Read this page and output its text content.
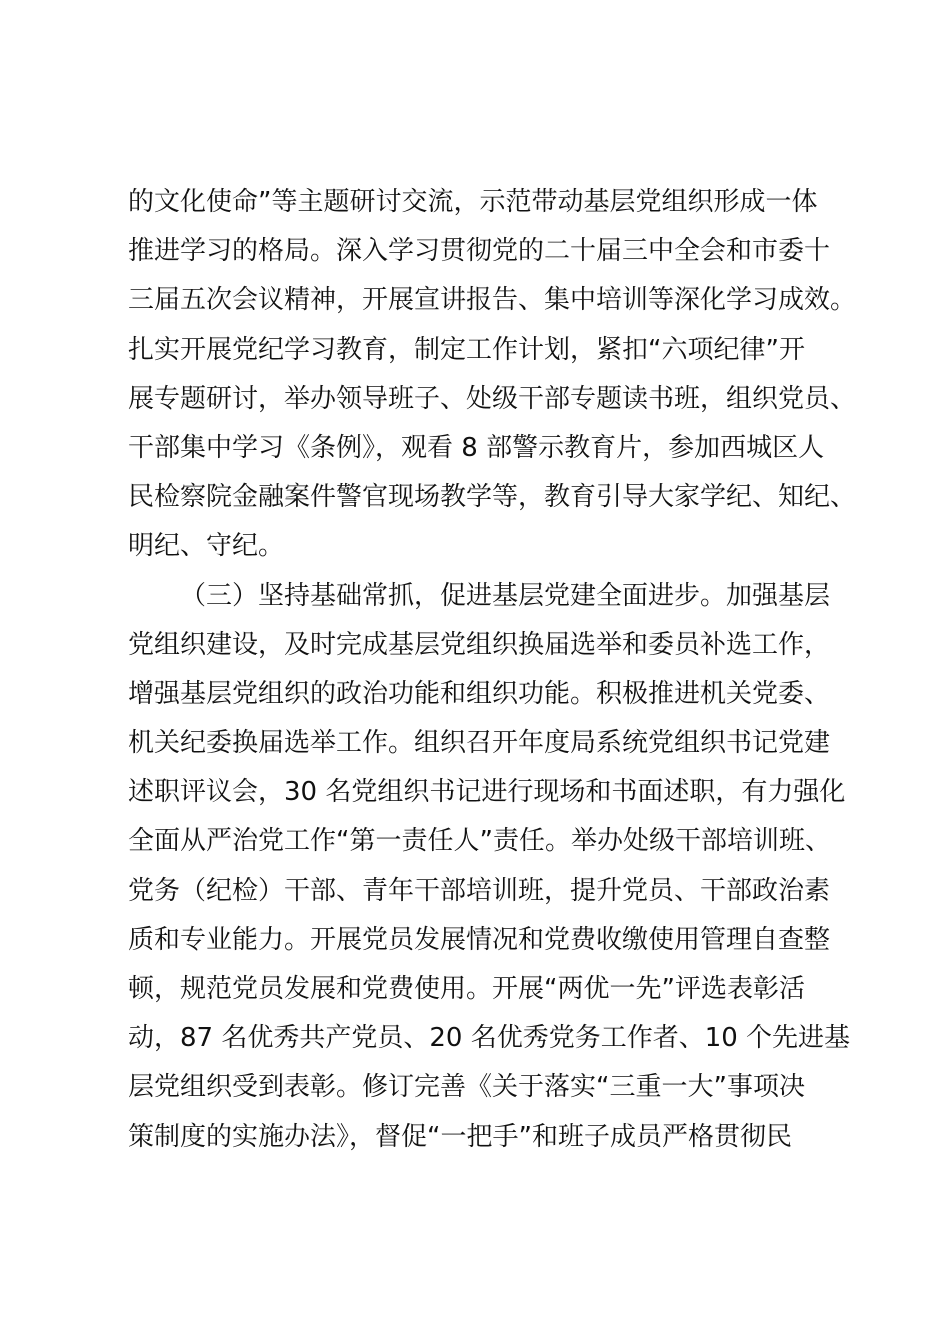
的文化使命”等主题研讨交流，示范带动基层党组织形成一体
推进学习的格局。深入学习贯彻党的二十届三中全会和市委十
三届五次会议精神，开展宣讲报告、集中培训等深化学习成效。
扎实开展党纪学习教育，制定工作计划，紧扣“六项纪律”开
展专题研讨，举办领导班子、处级干部专题读书班，组织党员、
干部集中学习《条例》，观看 8 部警示教育片，参加西城区人
民检察院金融案件警官现场教学等，教育引导大家学纪、知纪、
明纪、守纪。
（三）坚持基础常抓，促进基层党建全面进步。加强基层
党组织建设，及时完成基层党组织换届选举和委员补选工作，
增强基层党组织的政治功能和组织功能。积极推进机关党委、
机关纪委换届选举工作。组织召开年度局系统党组织书记党建
述职评议会，30 名党组织书记进行现场和书面述职，有力强化
全面从严治党工作“第一责任人”责任。举办处级干部培训班、
党务（纪检）干部、青年干部培训班，提升党员、干部政治素
质和专业能力。开展党员发展情况和党费收缴使用管理自查整
顿，规范党员发展和党费使用。开展“两优一先”评选表彰活
动，87 名优秀共产党员、20 名优秀党务工作者、10 个先进基
层党组织受到表彰。修订完善《关于落实“三重一大”事项决
策制度的实施办法》，督促“一把手”和班子成员严格贯彻民
